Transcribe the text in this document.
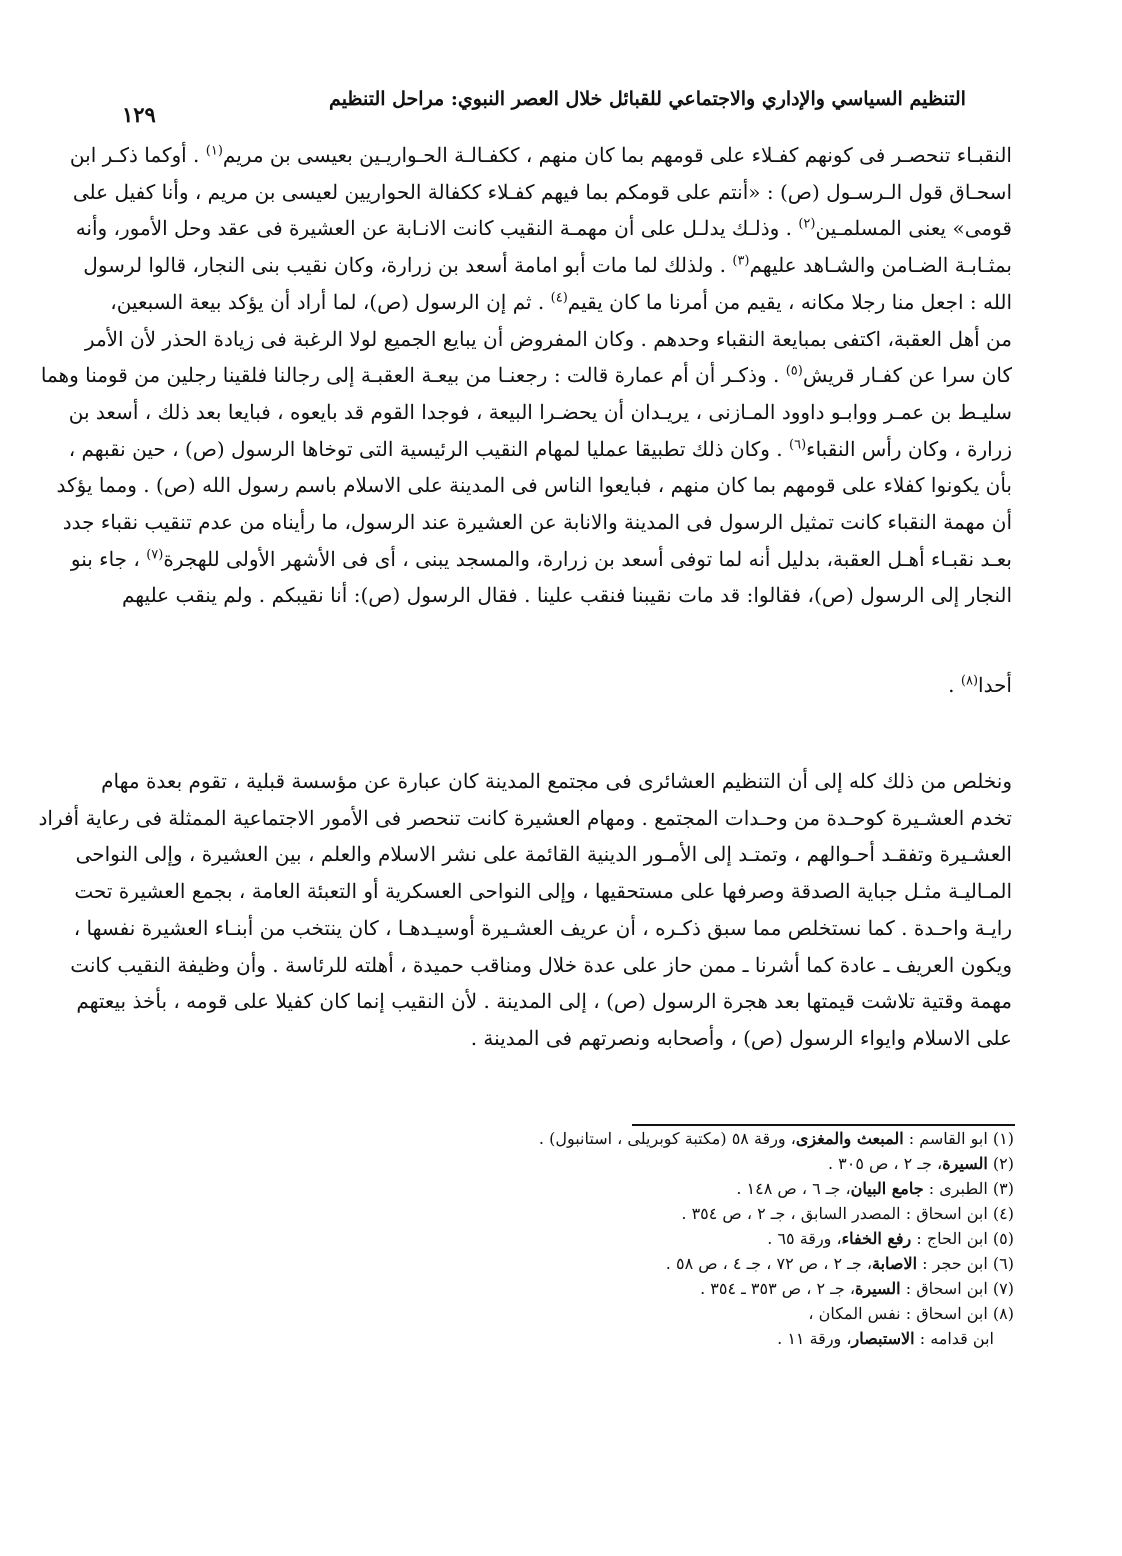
التنظيم السياسي والإداري والاجتماعي للقبائل خلال العصر النبوي: مراحل التنظيم
١٢٩
النقبـاء تنحصـر فى كونهم كفـلاء على قومهم بما كان منهم ، ككفـالـة الحـواريـين بعيسى بن مريم$^{(١)}$ . أوكما ذكـر ابن
اسحـاق قول الـرسـول (ص) : «أنتم على قومكم بما فيهم كفـلاء ككفالة الحواريين لعيسى بن مريم ، وأنا كفيل على
قومى» يعنى المسلمـين$^{(٢)}$ . وذلـك يدلـل على أن مهمـة النقيب كانت الانـابة عن العشيرة فى عقد وحل الأمور، وأنه
بمثـابـة الضـامن والشـاهد عليهم$^{(٣)}$ . ولذلك لما مات أبو امامة أسعد بن زرارة، وكان نقيب بنى النجار، قالوا لرسول
الله : اجعل منا رجلا مكانه ، يقيم من أمرنا ما كان يقيم$^{(٤)}$ . ثم إن الرسول (ص)، لما أراد أن يؤكد بيعة السبعين،
من أهل العقبة، اكتفى بمبايعة النقباء وحدهم . وكان المفروض أن يبايع الجميع لولا الرغبة فى زيادة الحذر لأن الأمر
كان سرا عن كفـار قريش$^{(٥)}$ . وذكـر أن أم عمارة قالت : رجعنـا من بيعـة العقبـة إلى رجالنا فلقينا رجلين من قومنا وهما
سليـط بن عمـر ووابـو داوود المـازنى ، يريـدان أن يحضـرا البيعة ، فوجدا القوم قد بايعوه ، فبايعا بعد ذلك ، أسعد بن
زرارة ، وكان رأس النقباء$^{(٦)}$ . وكان ذلك تطبيقا عمليا لمهام النقيب الرئيسية التى توخاها الرسول (ص) ، حين نقبهم ،
بأن يكونوا كفلاء على قومهم بما كان منهم ، فبايعوا الناس فى المدينة على الاسلام باسم رسول الله (ص) . ومما يؤكد
أن مهمة النقباء كانت تمثيل الرسول فى المدينة والانابة عن العشيرة عند الرسول، ما رأيناه من عدم تنقيب نقباء جدد
بعـد نقبـاء أهـل العقبة، بدليل أنه لما توفى أسعد بن زرارة، والمسجد يبنى ، أى فى الأشهر الأولى للهجرة$^{(٧)}$ ، جاء بنو
النجار إلى الرسول (ص)، فقالوا: قد مات نقيبنا فنقب علينا . فقال الرسول (ص): أنا نقيبكم . ولم ينقب عليهم
أحدا$^{(٨)}$ .
ونخلص من ذلك كله إلى أن التنظيم العشائرى فى مجتمع المدينة كان عبارة عن مؤسسة قبلية ، تقوم بعدة مهام
تخدم العشـيرة كوحـدة من وحـدات المجتمع . ومهام العشيرة كانت تنحصر فى الأمور الاجتماعية الممثلة فى رعاية أفراد
العشـيرة وتفقـد أحـوالهم ، وتمتـد إلى الأمـور الدينية القائمة على نشر الاسلام والعلم ، بين العشيرة ، وإلى النواحى
المـاليـة مثـل جباية الصدقة وصرفها على مستحقيها ، وإلى النواحى العسكرية أو التعبئة العامة ، بجمع العشيرة تحت
رايـة واحـدة . كما نستخلص مما سبق ذكـره ، أن عريف العشـيرة أوسيـدهـا ، كان ينتخب من أبنـاء العشيرة نفسها ،
ويكون العريف ـ عادة كما أشرنا ـ ممن حاز على عدة خلال ومناقب حميدة ، أهلته للرئاسة . وأن وظيفة النقيب كانت
مهمة وقتية تلاشت قيمتها بعد هجرة الرسول (ص) ، إلى المدينة . لأن النقيب إنما كان كفيلا على قومه ، بأخذ بيعتهم
على الاسلام وايواء الرسول (ص) ، وأصحابه ونصرتهم فى المدينة .
(١) ابو القاسم : المبعث والمغزى، ورقة ٥٨ (مكتبة كوبريلى ، استانبول) .
(٢) السيرة، جـ ٢ ، ص ٣٠٥ .
(٣) الطبرى : جامع البيان، جـ ٦ ، ص ١٤٨ .
(٤) ابن اسحاق : المصدر السابق ، جـ ٢ ، ص ٣٥٤ .
(٥) ابن الحاج : رفع الخفاء، ورقة ٦٥ .
(٦) ابن حجر : الاصابة، جـ ٢ ، ص ٧٢ ، جـ ٤ ، ص ٥٨ .
(٧) ابن اسحاق : السيرة، جـ ٢ ، ص ٣٥٣ ـ ٣٥٤ .
(٨) ابن اسحاق : نفس المكان ،
ابن قدامه : الاستبصار، ورقة ١١ .
